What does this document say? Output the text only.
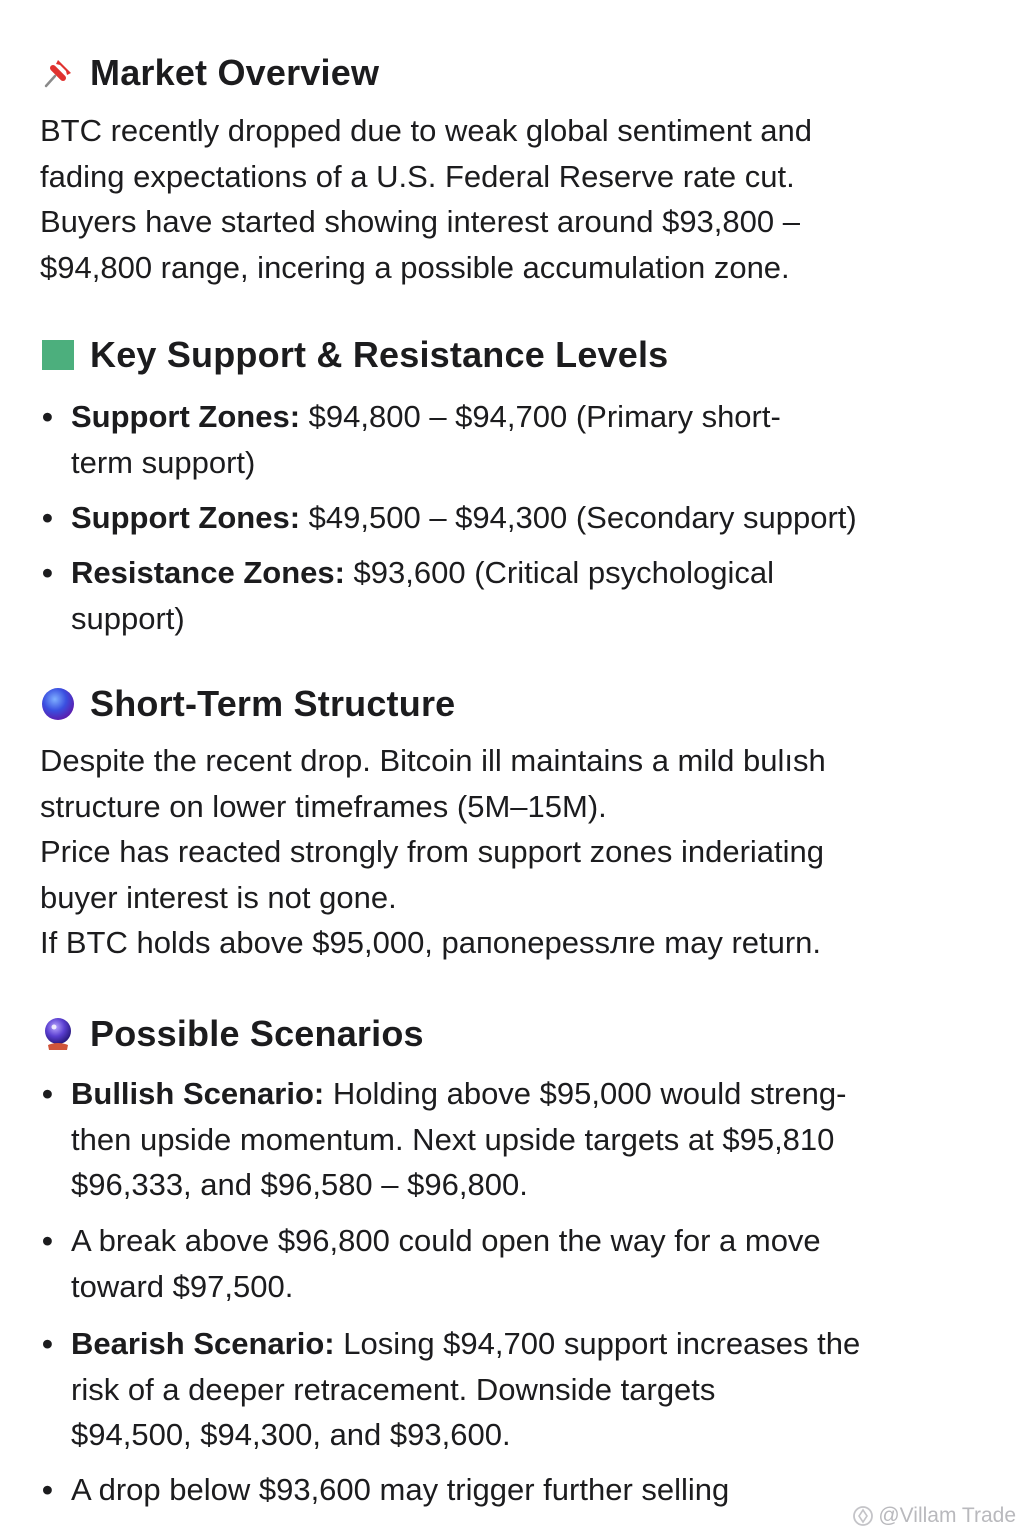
Market Overview
BTC recently dropped due to weak global sentiment and
fading expectations of a U.S. Federal Reserve rate cut.
Buyers have started showing interest around $93,800 –
$94,800 range, incering a possible accumulation zone.
Key Support & Resistance Levels
• Support Zones: $94,800 – $94,700 (Primary short-
term support)
• Support Zones: $49,500 – $94,300 (Secondary support)
• Resistance Zones: $93,600 (Critical psychological
support)
Short-Term Structure
Despite the recent drop. Bitcoin ill maintains a mild bulısh
structure on lower timeframes (5M–15M).
Price has reacted strongly from support zones inderiating
buyer interest is not gone.
If BTC holds above $95,000, paпonepessлre may return.
Possible Scenarios
• Bullish Scenario: Holding above $95,000 would streng-
then upside momentum. Next upside targets at $95,810
$96,333, and $96,580 – $96,800.
• A break above $96,800 could open the way for a move
toward $97,500.
• Bearish Scenario: Losing $94,700 support increases the
risk of a deeper retracement. Downside targets
$94,500, $94,300, and $93,600.
• A drop below $93,600 may trigger further selling
@Villam Trade
